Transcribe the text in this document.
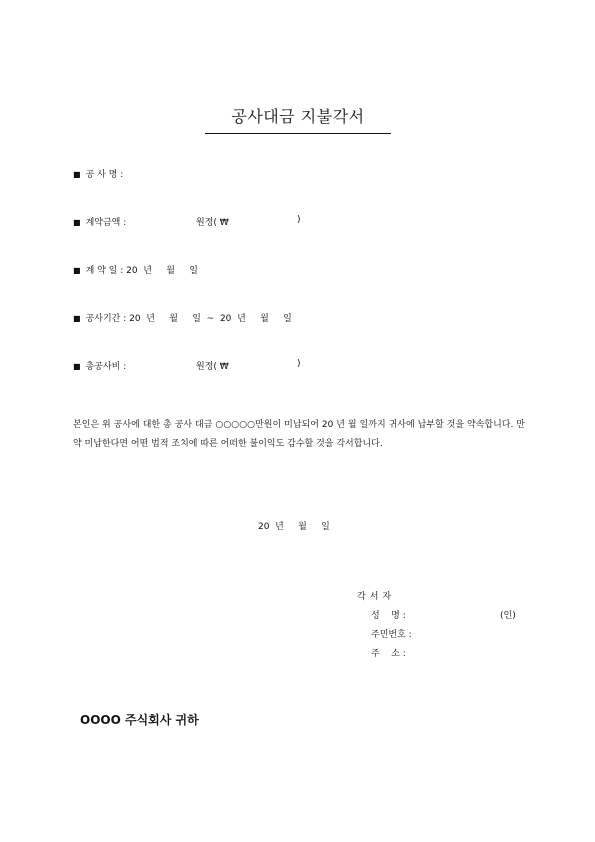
공사대금 지불각서
■ 공 사 명 :
■ 계약금액 :	원정( ₩	)
■ 계 약 일 : 20  년     월     일
■ 공사기간 : 20  년     월     일  ~  20  년     월     일
■ 총공사비 :	원정( ₩	)
본인은 위 공사에 대한 총 공사 대금 ○○○○○만원이 미납되어 20 년 월 일까지 귀사에 납부할 것을 약속합니다. 만약 미납한다면 어떤 법적 조치에 따른 어떠한 불이익도 감수할 것을 각서합니다.
20  년     월     일
각서자
성    명 :	(인)
주민번호 :
주    소 :
OOOO 주식회사 귀하
